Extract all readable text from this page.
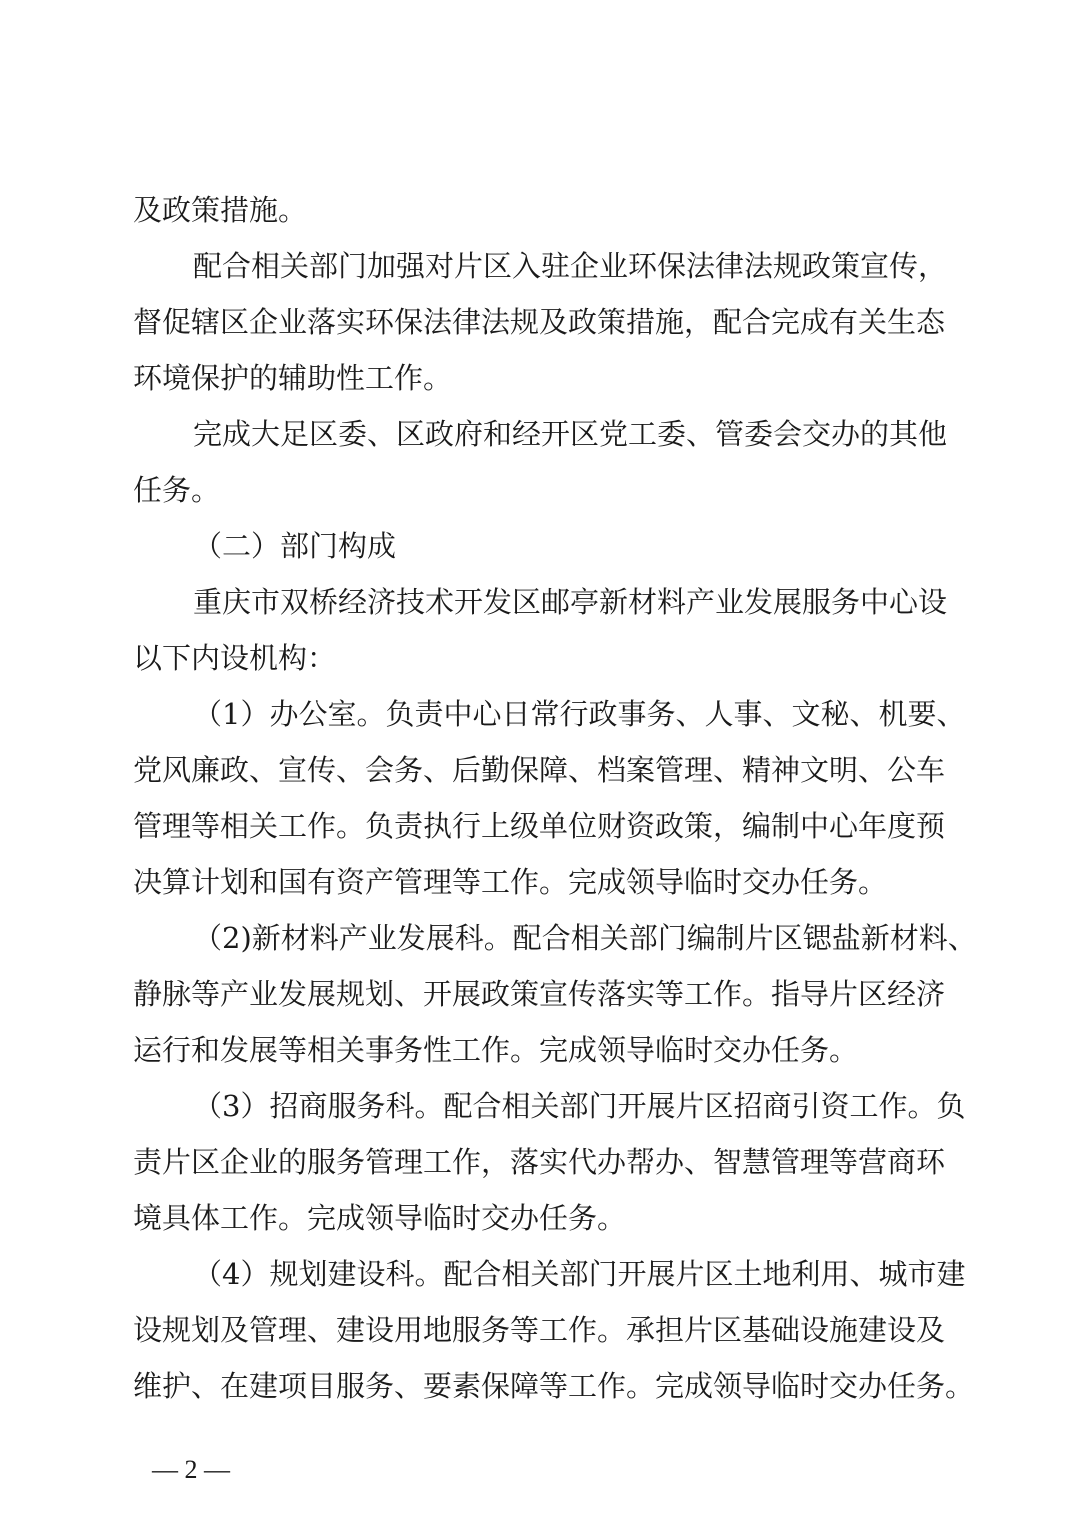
及政策措施。
配合相关部门加强对片区入驻企业环保法律法规政策宣传，
督促辖区企业落实环保法律法规及政策措施，配合完成有关生态
环境保护的辅助性工作。
完成大足区委、区政府和经开区党工委、管委会交办的其他
任务。
（二）部门构成
重庆市双桥经济技术开发区邮亭新材料产业发展服务中心设
以下内设机构：
（1）办公室。负责中心日常行政事务、人事、文秘、机要、
党风廉政、宣传、会务、后勤保障、档案管理、精神文明、公车
管理等相关工作。负责执行上级单位财资政策，编制中心年度预
决算计划和国有资产管理等工作。完成领导临时交办任务。
（2)新材料产业发展科。配合相关部门编制片区锶盐新材料、
静脉等产业发展规划、开展政策宣传落实等工作。指导片区经济
运行和发展等相关事务性工作。完成领导临时交办任务。
（3）招商服务科。配合相关部门开展片区招商引资工作。负
责片区企业的服务管理工作，落实代办帮办、智慧管理等营商环
境具体工作。完成领导临时交办任务。
（4）规划建设科。配合相关部门开展片区土地利用、城市建
设规划及管理、建设用地服务等工作。承担片区基础设施建设及
维护、在建项目服务、要素保障等工作。完成领导临时交办任务。
— 2 —
